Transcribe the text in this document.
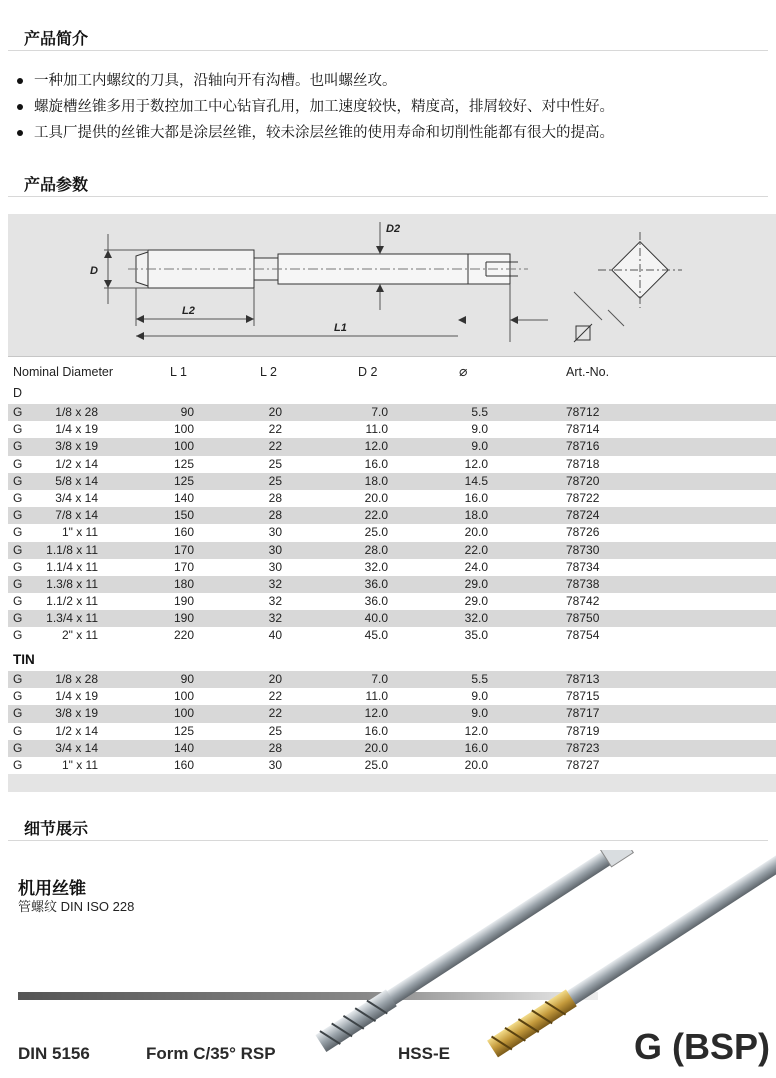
产品简介
一种加工内螺纹的刀具，沿轴向开有沟槽。也叫螺丝攻。
螺旋槽丝锥多用于数控加工中心钻盲孔用，加工速度较快，精度高，排屑较好、对中性好。
工具厂提供的丝锥大都是涂层丝锥，较未涂层丝锥的使用寿命和切削性能都有很大的提高。
产品参数
D
D2
L2
L1
Nominal Diameter
D
L 1	L 2	D 2	⌀	Art.-No.
G	1/8 x 28	90	20	7.0	5.5	78712
G	1/4 x 19	100	22	11.0	9.0	78714
G	3/8 x 19	100	22	12.0	9.0	78716
G	1/2 x 14	125	25	16.0	12.0	78718
G	5/8 x 14	125	25	18.0	14.5	78720
G	3/4 x 14	140	28	20.0	16.0	78722
G	7/8 x 14	150	28	22.0	18.0	78724
G	1" x 11	160	30	25.0	20.0	78726
G	1.1/8 x 11	170	30	28.0	22.0	78730
G	1.1/4 x 11	170	30	32.0	24.0	78734
G	1.3/8 x 11	180	32	36.0	29.0	78738
G	1.1/2 x 11	190	32	36.0	29.0	78742
G	1.3/4 x 11	190	32	40.0	32.0	78750
G	2" x 11	220	40	45.0	35.0	78754
TIN
G	1/8 x 28	90	20	7.0	5.5	78713
G	1/4 x 19	100	22	11.0	9.0	78715
G	3/8 x 19	100	22	12.0	9.0	78717
G	1/2 x 14	125	25	16.0	12.0	78719
G	3/4 x 14	140	28	20.0	16.0	78723
G	1" x 11	160	30	25.0	20.0	78727
细节展示
机用丝锥
管螺纹 DIN ISO 228
DIN 5156	Form C/35° RSP	HSS-E	G (BSP)
